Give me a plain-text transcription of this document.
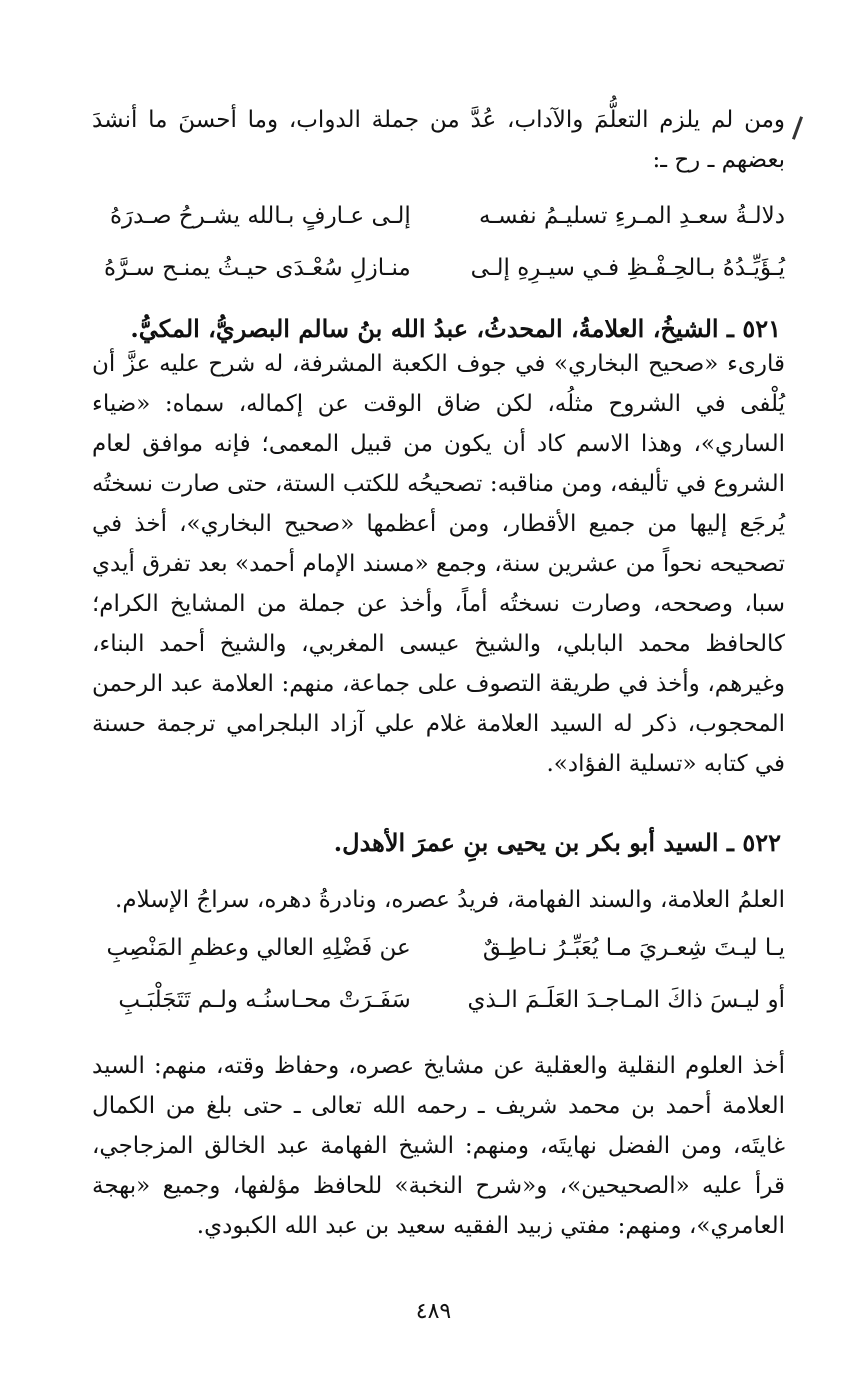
ومن لم يلزم التعلُّمَ والآداب، عُدَّ من جملة الدواب، وما أحسنَ ما أنشدَ بعضهم ـ رح ـ:

دلالـةُ سعـدِ المـرءِ تسليـمُ نفسـه
إلـى عـارفٍ بـالله يشـرحُ صـدرَهُ
يُـؤَيِّـدُهُ بـالحِـفْـظِ فـي سيـرِهِ إلـى
منـازلِ سُعْـدَى حيـثُ يمنـح سـرَّهُ
٥٢١ ـ الشيخُ، العلامةُ، المحدثُ، عبدُ الله بنُ سالم البصريُّ، المكيُّ.

قارىء «صحيح البخاري» في جوف الكعبة المشرفة، له شرح عليه عزَّ أن يُلْفى في الشروح مثلُه، لكن ضاق الوقت عن إكماله، سماه: «ضياء الساري»، وهذا الاسم كاد أن يكون من قبيل المعمى؛ فإنه موافق لعام الشروع في تأليفه، ومن مناقبه: تصحيحُه للكتب الستة، حتى صارت نسختُه يُرجَع إليها من جميع الأقطار، ومن أعظمها «صحيح البخاري»، أخذ في تصحيحه نحواً من عشرين سنة، وجمع «مسند الإمام أحمد» بعد تفرق أيدي سبا، وصححه، وصارت نسختُه أماً، وأخذ عن جملة من المشايخ الكرام؛ كالحافظ محمد البابلي، والشيخ عيسى المغربي، والشيخ أحمد البناء، وغيرهم، وأخذ في طريقة التصوف على جماعة، منهم: العلامة عبد الرحمن المحجوب، ذكر له السيد العلامة غلام علي آزاد البلجرامي ترجمة حسنة في كتابه «تسلية الفؤاد».

٥٢٢ ـ السيد أبو بكر بن يحيى بنِ عمرَ الأهدل.

العلمُ العلامة، والسند الفهامة، فريدُ عصره، ونادرةُ دهره، سراجُ الإسلام.

يـا ليـتَ شِعـريَ مـا يُعَبِّـرُ نـاطِـقٌ
عن فَضْلِهِ العالي وعظمِ المَنْصِبِ
أو ليـسَ ذاكَ المـاجـدَ العَلَـمَ الـذي
سَفَـرَتْ محـاسنُـه ولـم تَتَجَلْبَـبِ

أخذ العلوم النقلية والعقلية عن مشايخ عصره، وحفاظ وقته، منهم: السيد العلامة أحمد بن محمد شريف ـ رحمه الله تعالى ـ حتى بلغ من الكمال غايتَه، ومن الفضل نهايتَه، ومنهم: الشيخ الفهامة عبد الخالق المزجاجي، قرأ عليه «الصحيحين»، و«شرح النخبة» للحافظ مؤلفها، وجميع «بهجة العامري»، ومنهم: مفتي زبيد الفقيه سعيد بن عبد الله الكبودي.

٤٨٩
